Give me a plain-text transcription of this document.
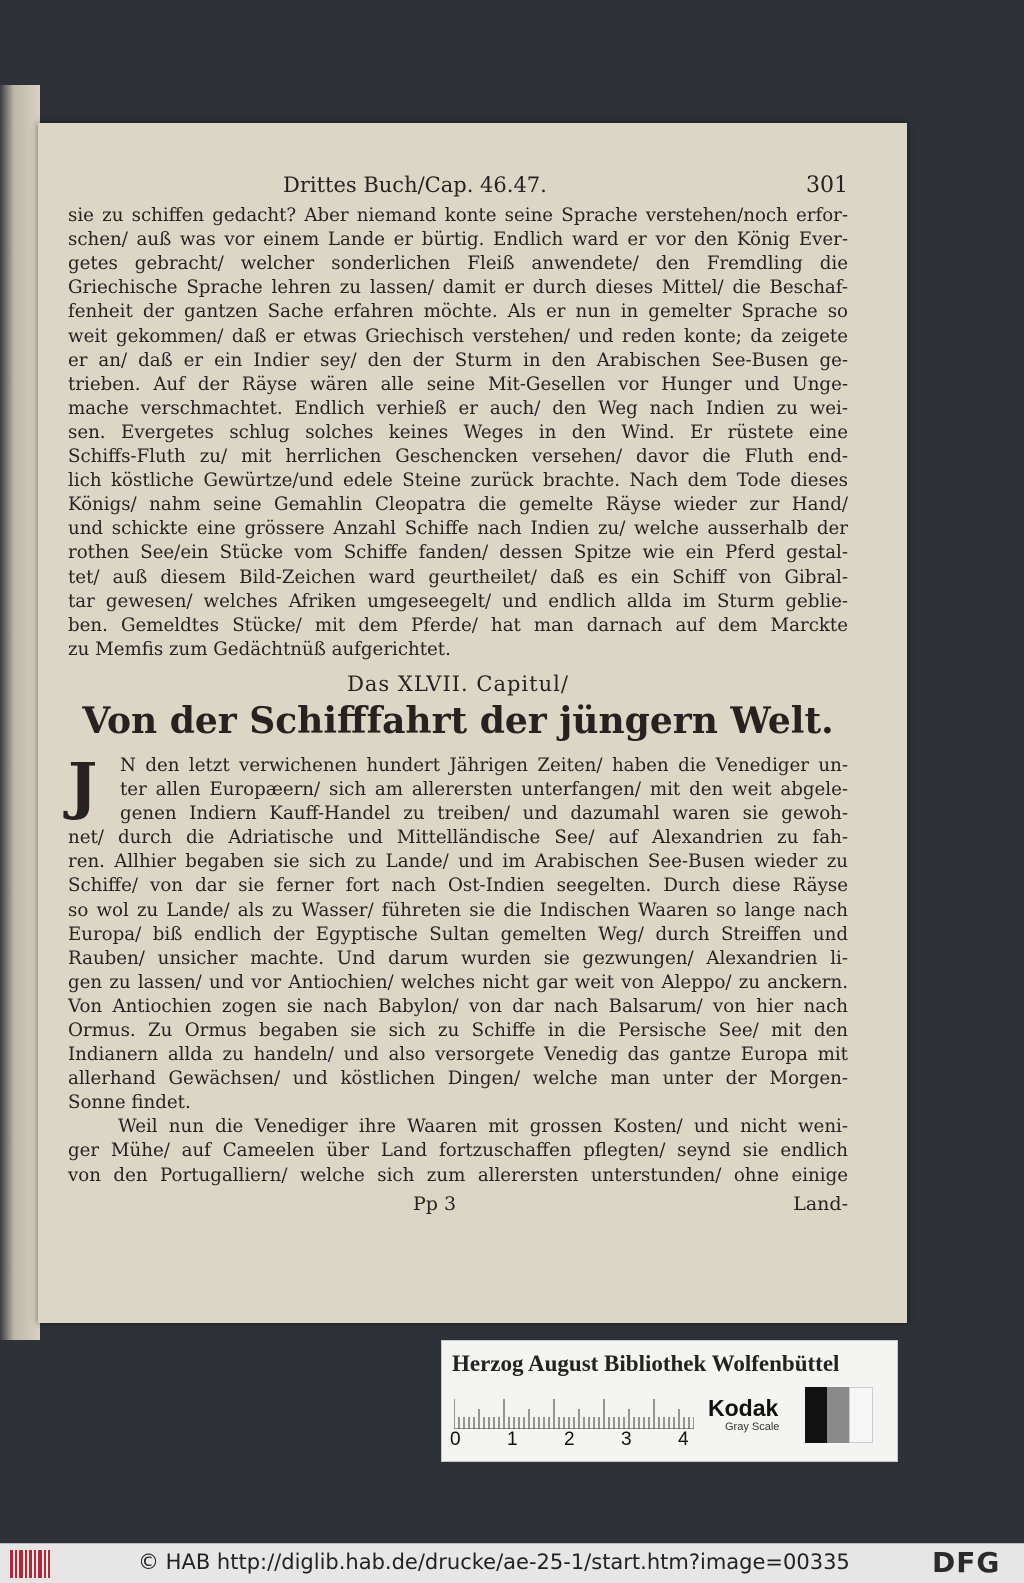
Drittes Buch/Cap. 46.47.	301
sie zu schiffen gedacht? Aber niemand konte seine Sprache verstehen/noch erfor-
schen/ auß was vor einem Lande er bürtig. Endlich ward er vor den König Ever-
getes gebracht/ welcher sonderlichen Fleiß anwendete/ den Fremdling die
Griechische Sprache lehren zu lassen/ damit er durch dieses Mittel/ die Beschaf-
fenheit der gantzen Sache erfahren möchte. Als er nun in gemelter Sprache so
weit gekommen/ daß er etwas Griechisch verstehen/ und reden konte; da zeigete
er an/ daß er ein Indier sey/ den der Sturm in den Arabischen See-Busen ge-
trieben. Auf der Räyse wären alle seine Mit-Gesellen vor Hunger und Unge-
mache verschmachtet. Endlich verhieß er auch/ den Weg nach Indien zu wei-
sen. Evergetes schlug solches keines Weges in den Wind. Er rüstete eine
Schiffs-Fluth zu/ mit herrlichen Geschencken versehen/ davor die Fluth end-
lich köstliche Gewürtze/und edele Steine zurück brachte. Nach dem Tode dieses
Königs/ nahm seine Gemahlin Cleopatra die gemelte Räyse wieder zur Hand/
und schickte eine grössere Anzahl Schiffe nach Indien zu/ welche ausserhalb der
rothen See/ein Stücke vom Schiffe fanden/ dessen Spitze wie ein Pferd gestal-
tet/ auß diesem Bild-Zeichen ward geurtheilet/ daß es ein Schiff von Gibral-
tar gewesen/ welches Afriken umgeseegelt/ und endlich allda im Sturm geblie-
ben. Gemeldtes Stücke/ mit dem Pferde/ hat man darnach auf dem Marckte
zu Memfis zum Gedächtnüß aufgerichtet.
Das XLVII. Capitul/
Von der Schifffahrt der jüngern Welt.
J	N den letzt verwichenen hundert Jährigen Zeiten/ haben die Venediger un-
ter allen Europæern/ sich am allerersten unterfangen/ mit den weit abgele-
genen Indiern Kauff-Handel zu treiben/ und dazumahl waren sie gewoh-
net/ durch die Adriatische und Mittelländische See/ auf Alexandrien zu fah-
ren. Allhier begaben sie sich zu Lande/ und im Arabischen See-Busen wieder zu
Schiffe/ von dar sie ferner fort nach Ost-Indien seegelten. Durch diese Räyse
so wol zu Lande/ als zu Wasser/ führeten sie die Indischen Waaren so lange nach
Europa/ biß endlich der Egyptische Sultan gemelten Weg/ durch Streiffen und
Rauben/ unsicher machte. Und darum wurden sie gezwungen/ Alexandrien li-
gen zu lassen/ und vor Antiochien/ welches nicht gar weit von Aleppo/ zu anckern.
Von Antiochien zogen sie nach Babylon/ von dar nach Balsarum/ von hier nach
Ormus. Zu Ormus begaben sie sich zu Schiffe in die Persische See/ mit den
Indianern allda zu handeln/ und also versorgete Venedig das gantze Europa mit
allerhand Gewächsen/ und köstlichen Dingen/ welche man unter der Morgen-
Sonne findet.
Weil nun die Venediger ihre Waaren mit grossen Kosten/ und nicht weni-
ger Mühe/ auf Cameelen über Land fortzuschaffen pflegten/ seynd sie endlich
von den Portugalliern/ welche sich zum allerersten unterstunden/ ohne einige
Pp 3	Land-
Herzog August Bibliothek Wolfenbüttel
0 1 2 3 4
Kodak
Gray Scale
© HAB http://diglib.hab.de/drucke/ae-25-1/start.htm?image=00335	DFG
